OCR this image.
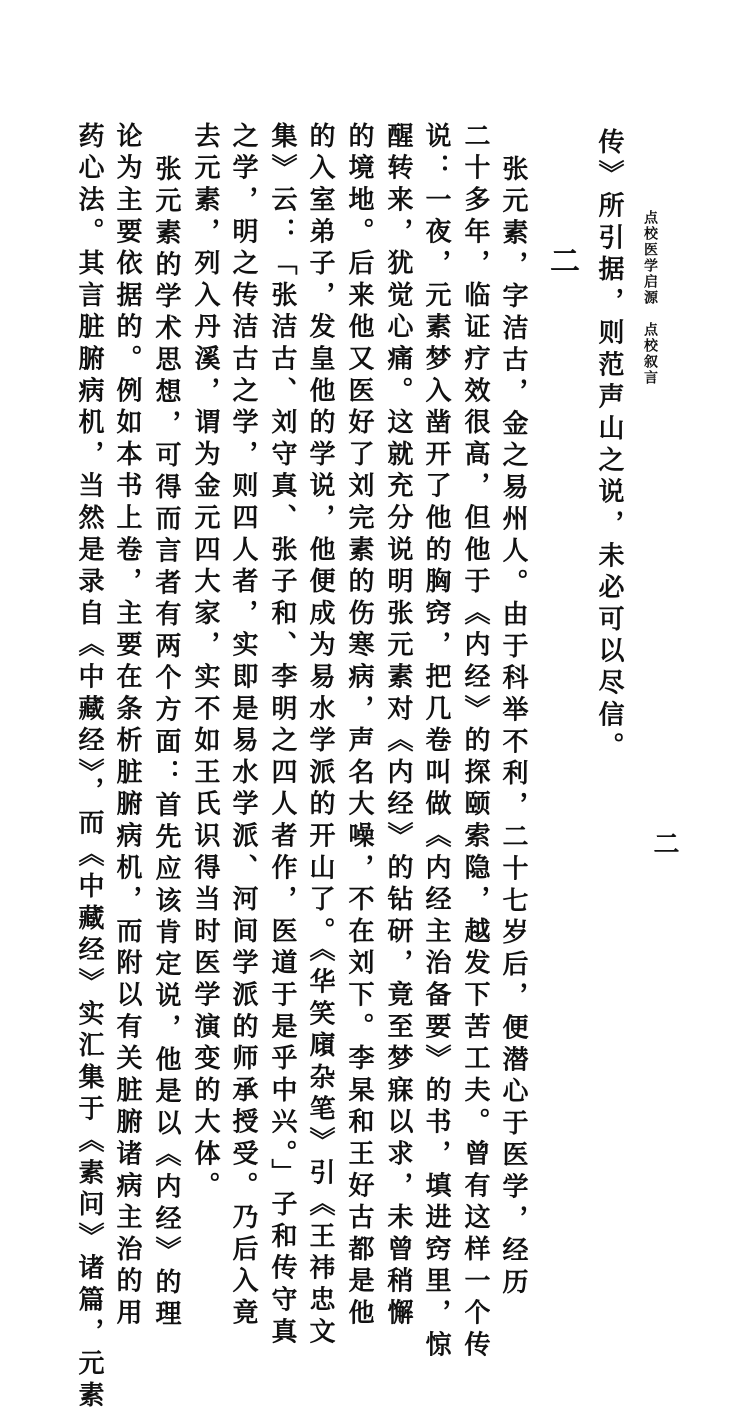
点校医学启源　点校叙言
二
传》所引据，则范声山之说，未必可以尽信。
二
张元素，字洁古，金之易州人。由于科举不利，二十七岁后，便潜心于医学，经历
二十多年，临证疗效很高，但他于《内经》的探颐索隐，越发下苦工夫。曾有这样一个传
说：一夜，元素梦入凿开了他的胸窍，把几卷叫做《内经主治备要》的书，填进窍里，惊
醒转来，犹觉心痛。这就充分说明张元素对《内经》的钻研，竟至梦寐以求，未曾稍懈
的境地。后来他又医好了刘完素的伤寒病，声名大噪，不在刘下。李杲和王好古都是他
的入室弟子，发皇他的学说，他便成为易水学派的开山了。《华笑廎杂笔》引《王祎忠文
集》云：「张洁古、刘守真、张子和、李明之四人者作，医道于是乎中兴。」子和传守真
之学，明之传洁古之学，则四人者，实即是易水学派、河间学派的师承授受。乃后入竟
去元素，列入丹溪，谓为金元四大家，实不如王氏识得当时医学演变的大体。
张元素的学术思想，可得而言者有两个方面：首先应该肯定说，他是以《内经》的理
论为主要依据的。例如本书上卷，主要在条析脏腑病机，而附以有关脏腑诸病主治的用
药心法。其言脏腑病机，当然是录自《中藏经》，而《中藏经》实汇集于《素问》诸篇，元素
